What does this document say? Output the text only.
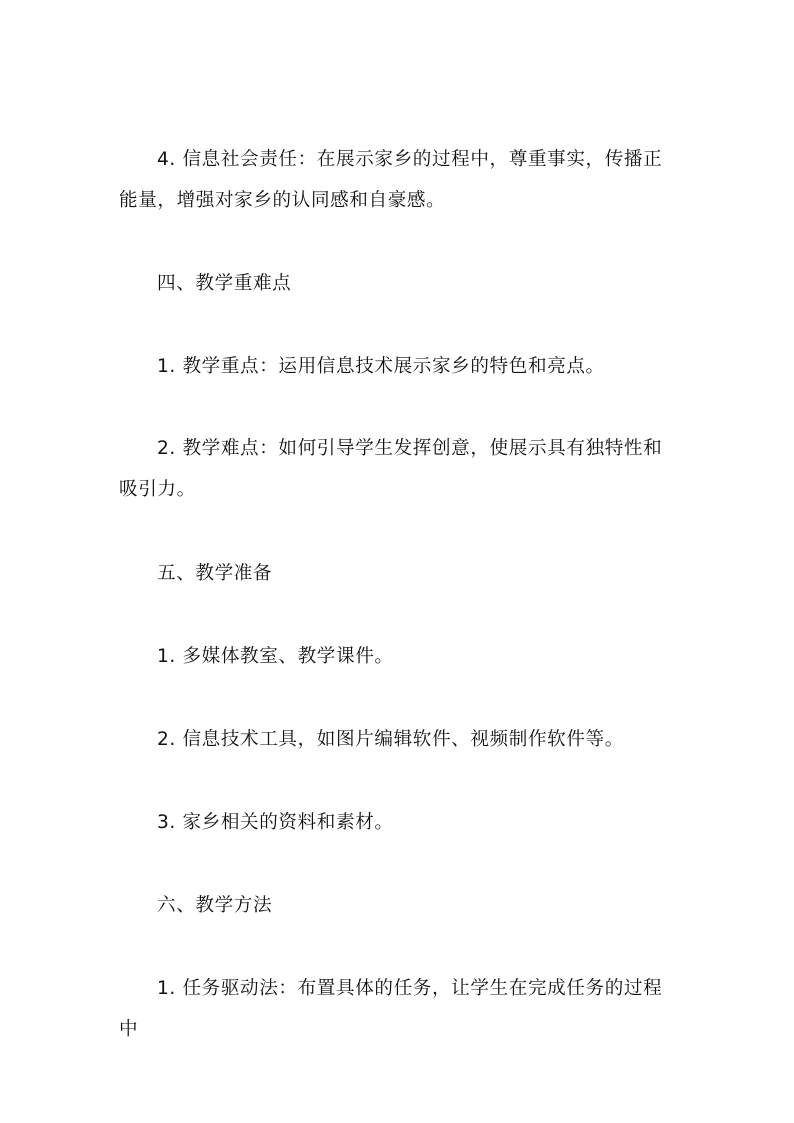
4. 信息社会责任：在展示家乡的过程中，尊重事实，传播正能量，增强对家乡的认同感和自豪感。

四、教学重难点

1. 教学重点：运用信息技术展示家乡的特色和亮点。

2. 教学难点：如何引导学生发挥创意，使展示具有独特性和吸引力。

五、教学准备

1. 多媒体教室、教学课件。

2. 信息技术工具，如图片编辑软件、视频制作软件等。

3. 家乡相关的资料和素材。

六、教学方法

1. 任务驱动法：布置具体的任务，让学生在完成任务的过程中
